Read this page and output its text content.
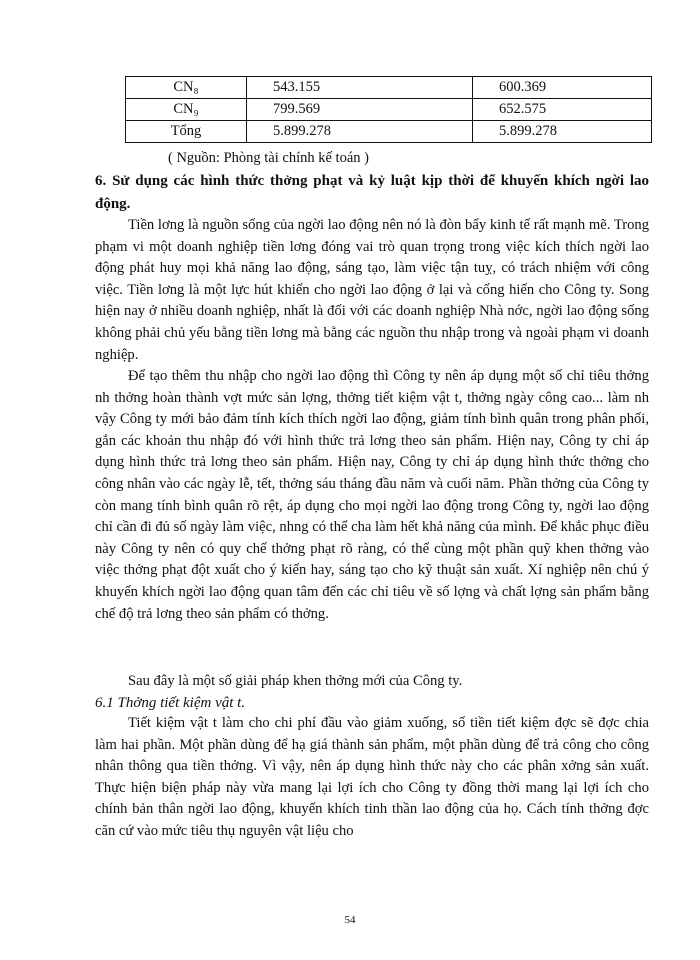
CN₈	543.155	600.369
CN₉	799.569	652.575
Tổng	5.899.278	5.899.278
( Nguồn: Phòng tài chính kế toán )

6. Sử dụng các hình thức thởng phạt và kỷ luật kịp thời để khuyến khích ngời lao động.

Tiền lơng là nguồn sống của ngời lao động nên nó là đòn bẩy kinh tế rất mạnh mẽ. Trong phạm vi một doanh nghiệp tiền lơng đóng vai trò quan trọng trong việc kích thích ngời lao động phát huy mọi khả năng lao động, sáng tạo, làm việc tận tuỵ, có trách nhiệm với công việc. Tiền lơng là một lực hút khiến cho ngời lao động ở lại và cống hiến cho Công ty. Song hiện nay ở nhiều doanh nghiệp, nhất là đối với các doanh nghiệp Nhà nớc, ngời lao động sống không phải chủ yếu bằng tiền lơng mà bằng các nguồn thu nhập trong và ngoài phạm vi doanh nghiệp.

Để tạo thêm thu nhập cho ngời lao động thì Công ty nên áp dụng một số chỉ tiêu thởng nh thởng hoàn thành vợt mức sản lợng, thởng tiết kiệm vật t, thởng ngày công cao... làm nh vậy Công ty mới bảo đảm tính kích thích ngời lao động, giảm tính bình quân trong phân phối, gắn các khoản thu nhập đó với hình thức trả lơng theo sản phẩm. Hiện nay, Công ty chỉ áp dụng hình thức trả lơng theo sản phẩm. Hiện nay, Công ty chỉ áp dụng hình thức thởng cho công nhân vào các ngày lễ, tết, thởng sáu tháng đầu năm và cuối năm. Phần thởng của Công ty còn mang tính bình quân rõ rệt, áp dụng cho mọi ngời lao động trong Công ty, ngời lao động chỉ cần đi đủ số ngày làm việc, nhng có thể cha làm hết khả năng của mình. Để khắc phục điều này Công ty nên có quy chế thởng phạt rõ ràng, có thể cùng một phần quỹ khen thởng vào việc thởng phạt đột xuất cho ý kiến hay, sáng tạo cho kỹ thuật sản xuất. Xí nghiệp nên chú ý khuyến khích ngời lao động quan tâm đến các chỉ tiêu về số lợng và chất lợng sản phẩm bằng chế độ trả lơng theo sản phẩm có thởng.

Sau đây là một số giải pháp khen thởng mới của Công ty.

6.1 Thởng tiết kiệm vật t.

Tiết kiệm vật t làm cho chi phí đầu vào giảm xuống, số tiền tiết kiệm đợc sẽ đợc chia làm hai phần. Một phần dùng để hạ giá thành sản phẩm, một phần dùng để trả công cho công nhân thông qua tiền thởng. Vì vậy, nên áp dụng hình thức này cho các phân xởng sản xuất. Thực hiện biện pháp này vừa mang lại lợi ích cho Công ty đồng thời mang lại lợi ích cho chính bản thân ngời lao động, khuyến khích tinh thần lao động của họ. Cách tính thởng đợc căn cứ vào mức tiêu thụ nguyên vật liệu cho

54
